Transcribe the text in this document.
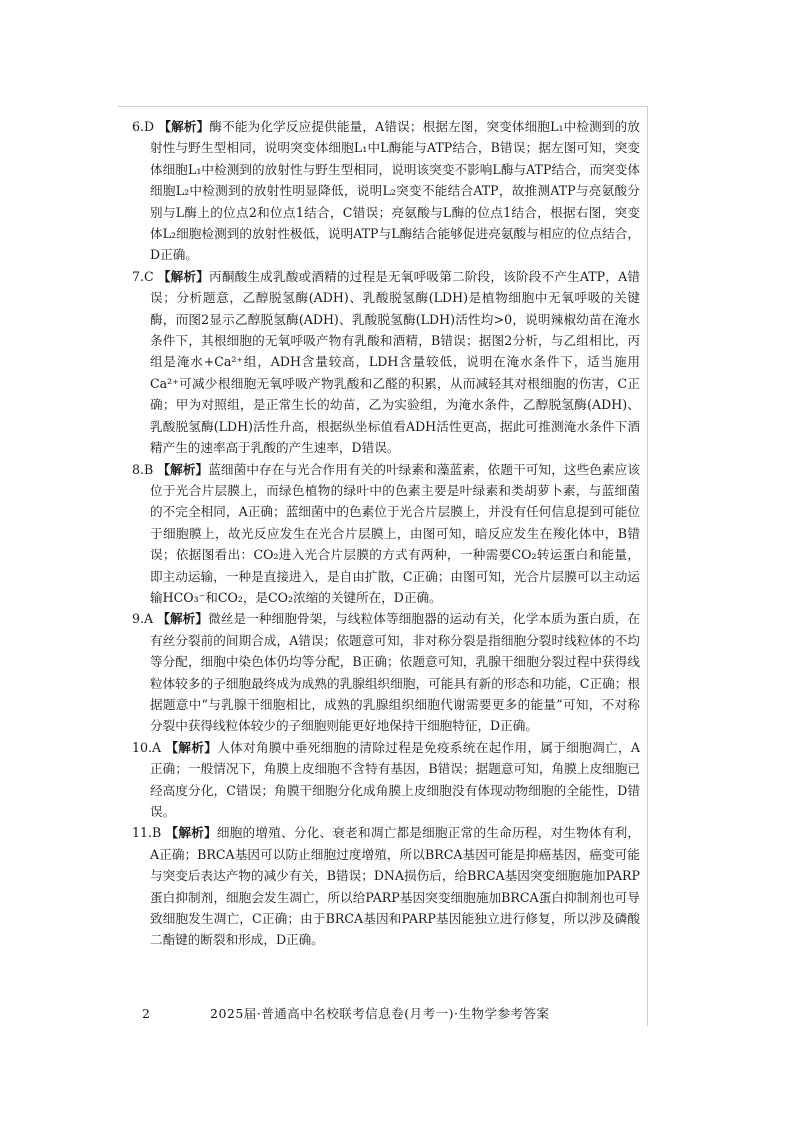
6.D 【解析】酶不能为化学反应提供能量，A错误；根据左图，突变体细胞L₁中检测到的放射性与野生型相同，说明突变体细胞L₁中L酶能与ATP结合，B错误；据左图可知，突变体细胞L₁中检测到的放射性与野生型相同，说明该突变不影响L酶与ATP结合，而突变体细胞L₂中检测到的放射性明显降低，说明L₂突变不能结合ATP，故推测ATP与亮氨酸分别与L酶上的位点2和位点1结合，C错误；亮氨酸与L酶的位点1结合，根据右图，突变体L₂细胞检测到的放射性极低，说明ATP与L酶结合能够促进亮氨酸与相应的位点结合，D正确。
7.C 【解析】丙酮酸生成乳酸或酒精的过程是无氧呼吸第二阶段，该阶段不产生ATP，A错误；分析题意，乙醇脱氢酶(ADH)、乳酸脱氢酶(LDH)是植物细胞中无氧呼吸的关键酶，而图2显示乙醇脱氢酶(ADH)、乳酸脱氢酶(LDH)活性均>0，说明辣椒幼苗在淹水条件下，其根细胞的无氧呼吸产物有乳酸和酒精，B错误；据图2分析，与乙组相比，丙组是淹水+Ca²⁺组，ADH含量较高，LDH含量较低，说明在淹水条件下，适当施用Ca²⁺可减少根细胞无氧呼吸产物乳酸和乙醛的积累，从而减轻其对根细胞的伤害，C正确；甲为对照组，是正常生长的幼苗，乙为实验组，为淹水条件，乙醇脱氢酶(ADH)、乳酸脱氢酶(LDH)活性升高，根据纵坐标值看ADH活性更高，据此可推测淹水条件下酒精产生的速率高于乳酸的产生速率，D错误。
8.B 【解析】蓝细菌中存在与光合作用有关的叶绿素和藻蓝素，依题干可知，这些色素应该位于光合片层膜上，而绿色植物的绿叶中的色素主要是叶绿素和类胡萝卜素，与蓝细菌的不完全相同，A正确；蓝细菌中的色素位于光合片层膜上，并没有任何信息提到可能位于细胞膜上，故光反应发生在光合片层膜上，由图可知，暗反应发生在羧化体中，B错误；依据图看出：CO₂进入光合片层膜的方式有两种，一种需要CO₂转运蛋白和能量，即主动运输，一种是直接进入，是自由扩散，C正确；由图可知，光合片层膜可以主动运输HCO₃⁻和CO₂，是CO₂浓缩的关键所在，D正确。
9.A 【解析】微丝是一种细胞骨架，与线粒体等细胞器的运动有关，化学本质为蛋白质，在有丝分裂前的间期合成，A错误；依题意可知，非对称分裂是指细胞分裂时线粒体的不均等分配，细胞中染色体仍均等分配，B正确；依题意可知，乳腺干细胞分裂过程中获得线粒体较多的子细胞最终成为成熟的乳腺组织细胞，可能具有新的形态和功能，C正确；根据题意中“与乳腺干细胞相比，成熟的乳腺组织细胞代谢需要更多的能量”可知，不对称分裂中获得线粒体较少的子细胞则能更好地保持干细胞特征，D正确。
10.A 【解析】人体对角膜中垂死细胞的清除过程是免疫系统在起作用，属于细胞凋亡，A正确；一般情况下，角膜上皮细胞不含特有基因，B错误；据题意可知，角膜上皮细胞已经高度分化，C错误；角膜干细胞分化成角膜上皮细胞没有体现动物细胞的全能性，D错误。
11.B 【解析】细胞的增殖、分化、衰老和凋亡都是细胞正常的生命历程，对生物体有利，A正确；BRCA基因可以防止细胞过度增殖，所以BRCA基因可能是抑癌基因，癌变可能与突变后表达产物的减少有关，B错误；DNA损伤后，给BRCA基因突变细胞施加PARP蛋白抑制剂，细胞会发生凋亡，所以给PARP基因突变细胞施加BRCA蛋白抑制剂也可导致细胞发生凋亡，C正确；由于BRCA基因和PARP基因能独立进行修复，所以涉及磷酸二酯键的断裂和形成，D正确。
2	2025届·普通高中名校联考信息卷(月考一)·生物学参考答案
